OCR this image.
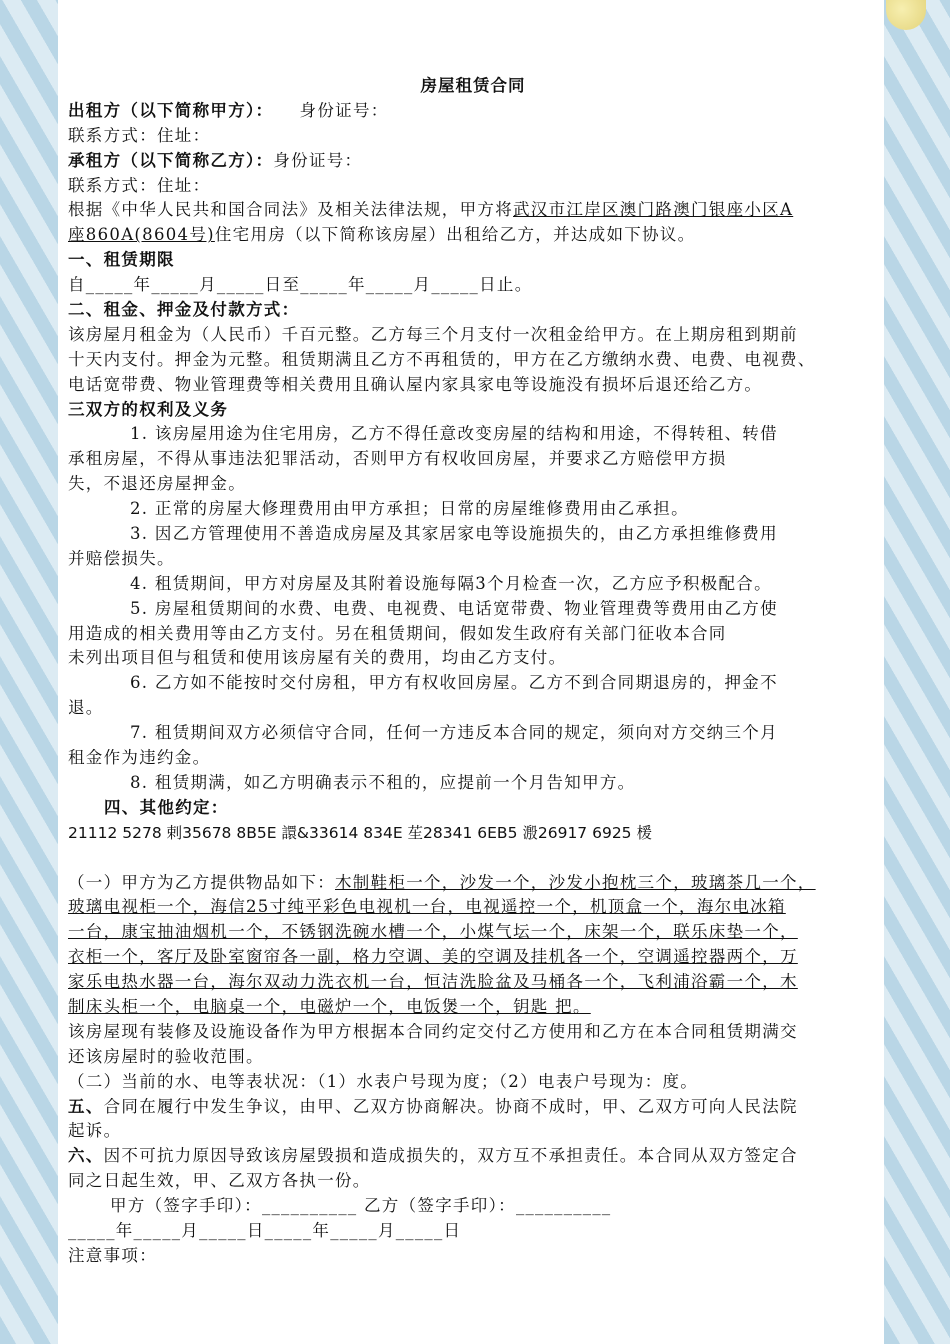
房屋租赁合同
出租方（以下简称甲方）： 身份证号：
联系方式：住址：
承租方（以下简称乙方）：身份证号：
联系方式：住址：
根据《中华人民共和国合同法》及相关法律法规，甲方将武汉市江岸区澳门路澳门银座小区A
座860A(8604号)住宅用房（以下简称该房屋）出租给乙方，并达成如下协议。
一、租赁期限
自_____年_____月_____日至_____年_____月_____日止。
二、租金、押金及付款方式：
该房屋月租金为（人民币）千百元整。乙方每三个月支付一次租金给甲方。在上期房租到期前
十天内支付。押金为元整。租赁期满且乙方不再租赁的，甲方在乙方缴纳水费、电费、电视费、
电话宽带费、物业管理费等相关费用且确认屋内家具家电等设施没有损坏后退还给乙方。
三双方的权利及义务
1. 该房屋用途为住宅用房，乙方不得任意改变房屋的结构和用途，不得转租、转借
承租房屋，不得从事违法犯罪活动，否则甲方有权收回房屋，并要求乙方赔偿甲方损
失，不退还房屋押金。
2. 正常的房屋大修理费用由甲方承担；日常的房屋维修费用由乙承担。
3. 因乙方管理使用不善造成房屋及其家居家电等设施损失的，由乙方承担维修费用
并赔偿损失。
4. 租赁期间，甲方对房屋及其附着设施每隔3个月检查一次，乙方应予积极配合。
5. 房屋租赁期间的水费、电费、电视费、电话宽带费、物业管理费等费用由乙方使
用造成的相关费用等由乙方支付。另在租赁期间，假如发生政府有关部门征收本合同
未列出项目但与租赁和使用该房屋有关的费用，均由乙方支付。
6. 乙方如不能按时交付房租，甲方有权收回房屋。乙方不到合同期退房的，押金不
退。
7. 租赁期间双方必须信守合同，任何一方违反本合同的规定，须向对方交纳三个月
租金作为违约金。
8. 租赁期满，如乙方明确表示不租的，应提前一个月告知甲方。
四、其他约定：
21112 5278 剌35678 8B5E 譞&33614 834E 苼28341 6EB5 溵26917 6925 楥
（一）甲方为乙方提供物品如下：木制鞋柜一个，沙发一个，沙发小抱枕三个，玻璃茶几一个，
玻璃电视柜一个，海信25寸纯平彩色电视机一台，电视遥控一个，机顶盒一个，海尔电冰箱
一台，康宝抽油烟机一个，不锈钢洗碗水槽一个，小煤气坛一个，床架一个，联乐床垫一个，
衣柜一个，客厅及卧室窗帘各一副，格力空调、美的空调及挂机各一个，空调遥控器两个，万
家乐电热水器一台，海尔双动力洗衣机一台，恒洁洗脸盆及马桶各一个，飞利浦浴霸一个，木
制床头柜一个，电脑桌一个，电磁炉一个，电饭煲一个，钥匙 把。
该房屋现有装修及设施设备作为甲方根据本合同约定交付乙方使用和乙方在本合同租赁期满交
还该房屋时的验收范围。
（二）当前的水、电等表状况：（1）水表户号现为度；（2）电表户号现为：度。
五、合同在履行中发生争议，由甲、乙双方协商解决。协商不成时，甲、乙双方可向人民法院
起诉。
六、因不可抗力原因导致该房屋毁损和造成损失的，双方互不承担责任。本合同从双方签定合
同之日起生效，甲、乙双方各执一份。
甲方（签字手印）：__________ 乙方（签字手印）：__________
_____年_____月_____日_____年_____月_____日
注意事项：
